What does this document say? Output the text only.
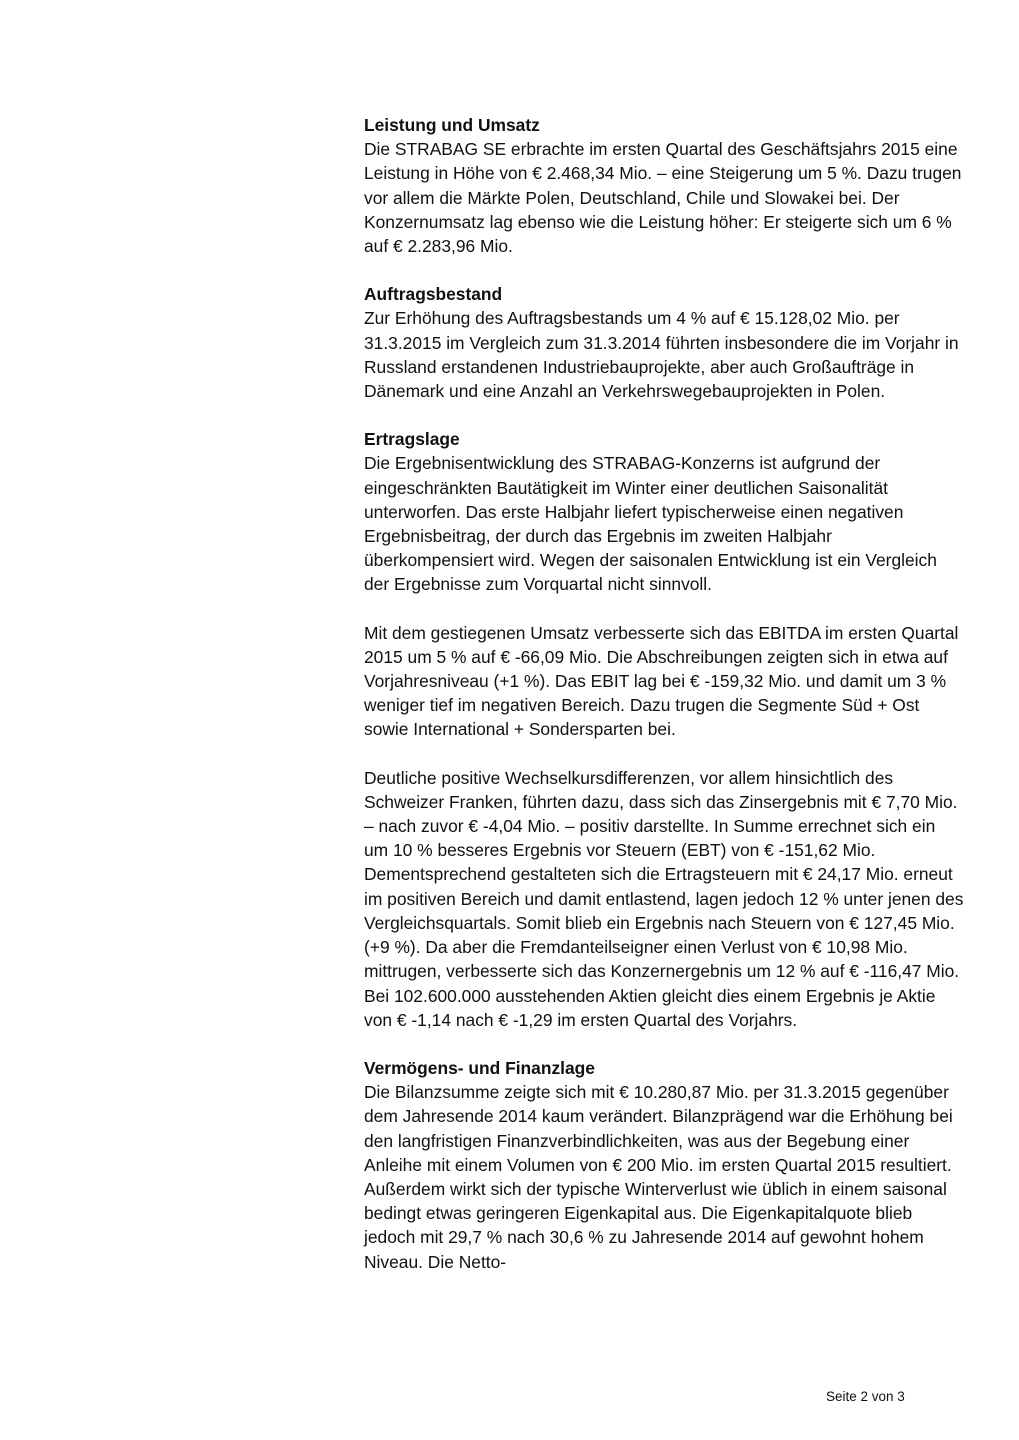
Leistung und Umsatz

Die STRABAG SE erbrachte im ersten Quartal des Geschäftsjahrs 2015 eine Leistung in Höhe von € 2.468,34 Mio. – eine Steigerung um 5 %. Dazu trugen vor allem die Märkte Polen, Deutschland, Chile und Slowakei bei. Der Konzernumsatz lag ebenso wie die Leistung höher: Er steigerte sich um 6 % auf € 2.283,96 Mio.

Auftragsbestand

Zur Erhöhung des Auftragsbestands um 4 % auf € 15.128,02 Mio. per 31.3.2015 im Vergleich zum 31.3.2014 führten insbesondere die im Vorjahr in Russland erstandenen Industriebauprojekte, aber auch Großaufträge in Dänemark und eine Anzahl an Verkehrswegebauprojekten in Polen.

Ertragslage

Die Ergebnisentwicklung des STRABAG-Konzerns ist aufgrund der eingeschränkten Bautätigkeit im Winter einer deutlichen Saisonalität unterworfen. Das erste Halbjahr liefert typischerweise einen negativen Ergebnisbeitrag, der durch das Ergebnis im zweiten Halbjahr überkompensiert wird. Wegen der saisonalen Entwicklung ist ein Vergleich der Ergebnisse zum Vorquartal nicht sinnvoll.

Mit dem gestiegenen Umsatz verbesserte sich das EBITDA im ersten Quartal 2015 um 5 % auf € -66,09 Mio. Die Abschreibungen zeigten sich in etwa auf Vorjahresniveau (+1 %). Das EBIT lag bei € -159,32 Mio. und damit um 3 % weniger tief im negativen Bereich. Dazu trugen die Segmente Süd + Ost sowie International + Sondersparten bei.

Deutliche positive Wechselkursdifferenzen, vor allem hinsichtlich des Schweizer Franken, führten dazu, dass sich das Zinsergebnis mit € 7,70 Mio. – nach zuvor € -4,04 Mio. – positiv darstellte. In Summe errechnet sich ein um 10 % besseres Ergebnis vor Steuern (EBT) von € -151,62 Mio. Dementsprechend gestalteten sich die Ertragsteuern mit € 24,17 Mio. erneut im positiven Bereich und damit entlastend, lagen jedoch 12 % unter jenen des Vergleichsquartals. Somit blieb ein Ergebnis nach Steuern von € 127,45 Mio. (+9 %). Da aber die Fremdanteilseigner einen Verlust von € 10,98 Mio. mittrugen, verbesserte sich das Konzernergebnis um 12 % auf € -116,47 Mio. Bei 102.600.000 ausstehenden Aktien gleicht dies einem Ergebnis je Aktie von € -1,14 nach € -1,29 im ersten Quartal des Vorjahrs.

Vermögens- und Finanzlage

Die Bilanzsumme zeigte sich mit € 10.280,87 Mio. per 31.3.2015 gegenüber dem Jahresende 2014 kaum verändert. Bilanzprägend war die Erhöhung bei den langfristigen Finanzverbindlichkeiten, was aus der Begebung einer Anleihe mit einem Volumen von € 200 Mio. im ersten Quartal 2015 resultiert. Außerdem wirkt sich der typische Winterverlust wie üblich in einem saisonal bedingt etwas geringeren Eigenkapital aus. Die Eigenkapitalquote blieb jedoch mit 29,7 % nach 30,6 % zu Jahresende 2014 auf gewohnt hohem Niveau. Die Netto-

Seite 2 von 3
